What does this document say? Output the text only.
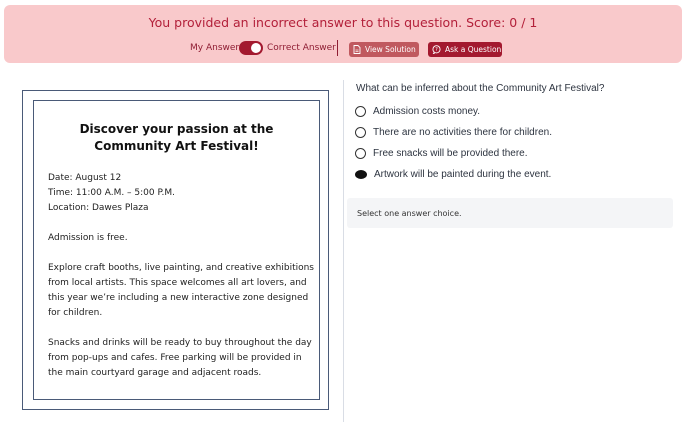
You provided an incorrect answer to this question. Score: 0 / 1
My Answer	Correct Answer	View Solution	? Ask a Question
Discover your passion at the Community Art Festival!
Date: August 12
Time: 11:00 A.M. – 5:00 P.M.
Location: Dawes Plaza
Admission is free.
Explore craft booths, live painting, and creative exhibitions
from local artists. This space welcomes all art lovers, and
this year we’re including a new interactive zone designed
for children.
Snacks and drinks will be ready to buy throughout the day
from pop-ups and cafes. Free parking will be provided in
the main courtyard garage and adjacent roads.
What can be inferred about the Community Art Festival?
Admission costs money.
There are no activities there for children.
Free snacks will be provided there.
Artwork will be painted during the event.
Select one answer choice.
